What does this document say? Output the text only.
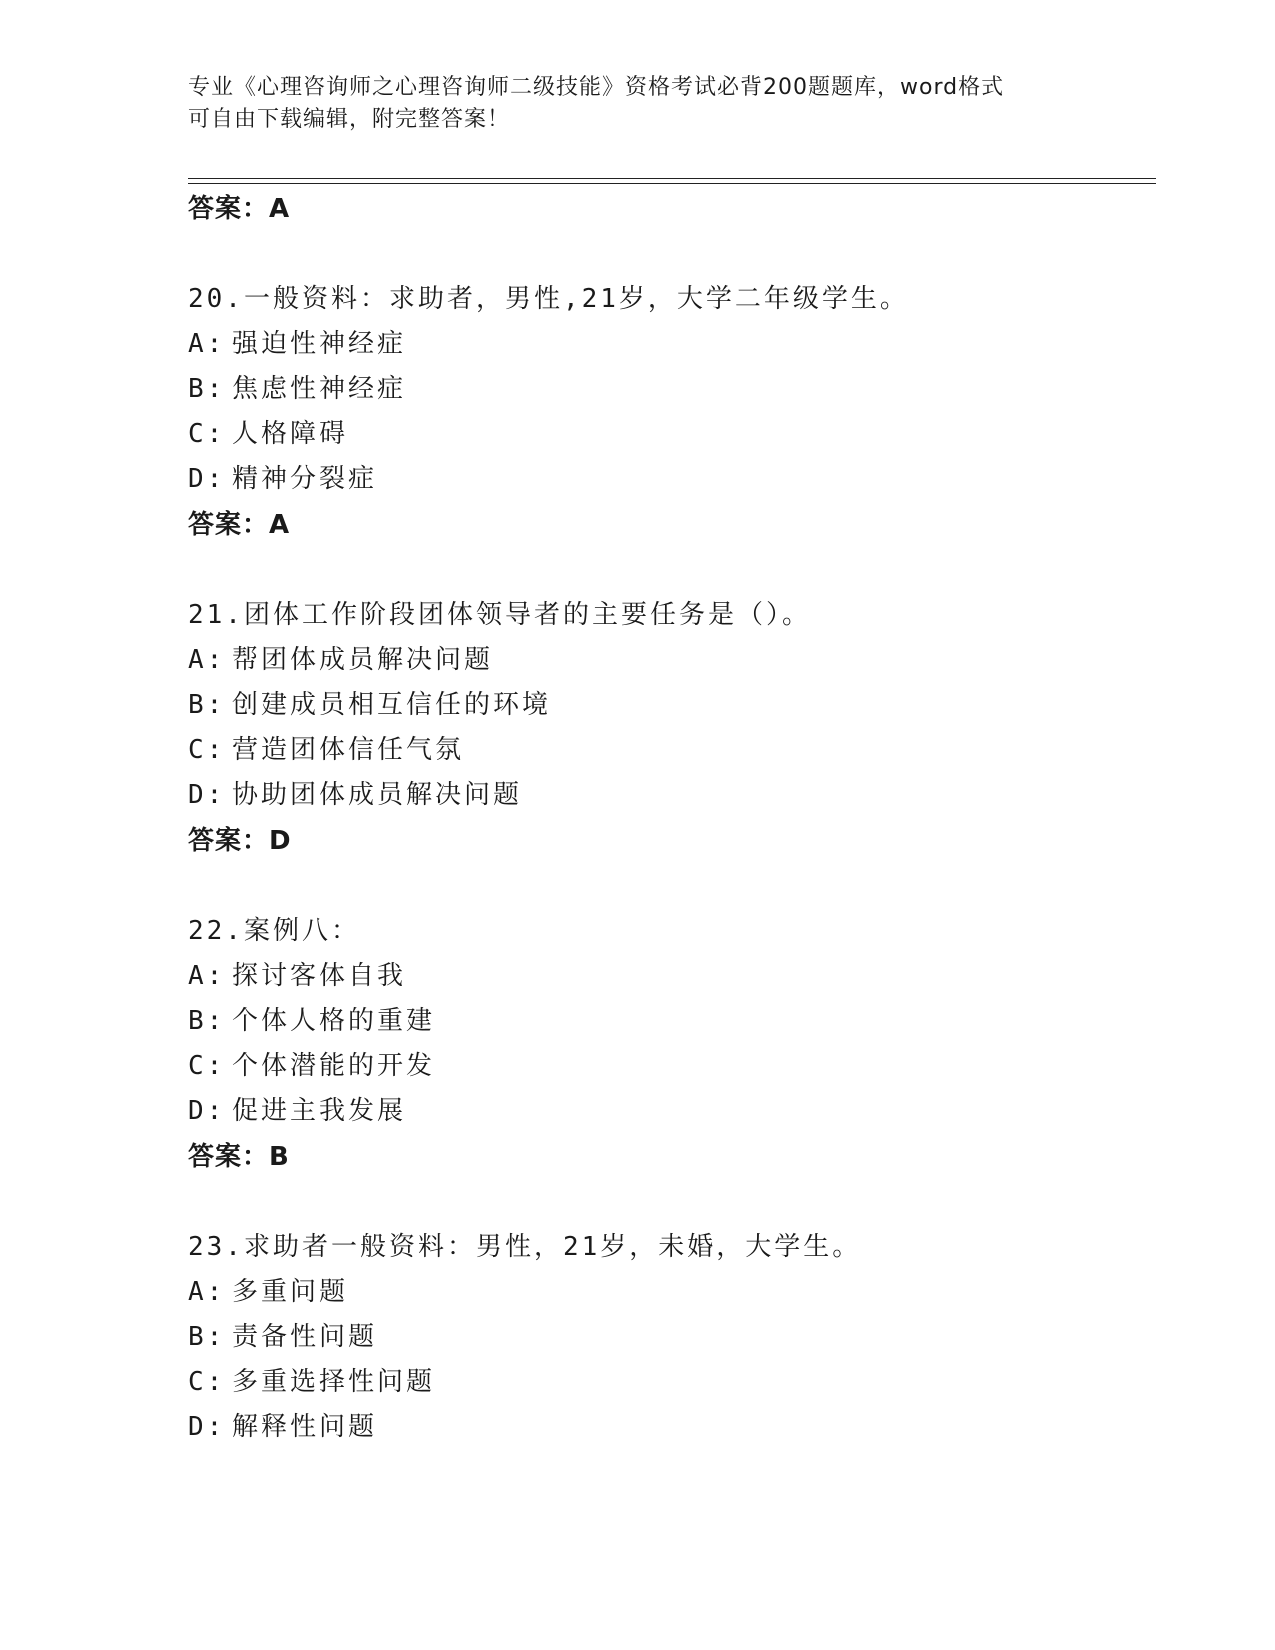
专业《心理咨询师之心理咨询师二级技能》资格考试必背200题题库，word格式
可自由下载编辑，附完整答案！
答案：A
20.一般资料：求助者，男性,21岁，大学二年级学生。
A: 强迫性神经症
B: 焦虑性神经症
C: 人格障碍
D: 精神分裂症
答案：A
21.团体工作阶段团体领导者的主要任务是（）。
A: 帮团体成员解决问题
B: 创建成员相互信任的环境
C: 营造团体信任气氛
D: 协助团体成员解决问题
答案：D
22.案例八：
A: 探讨客体自我
B: 个体人格的重建
C: 个体潜能的开发
D: 促进主我发展
答案：B
23.求助者一般资料：男性，21岁，未婚，大学生。
A: 多重问题
B: 责备性问题
C: 多重选择性问题
D: 解释性问题
